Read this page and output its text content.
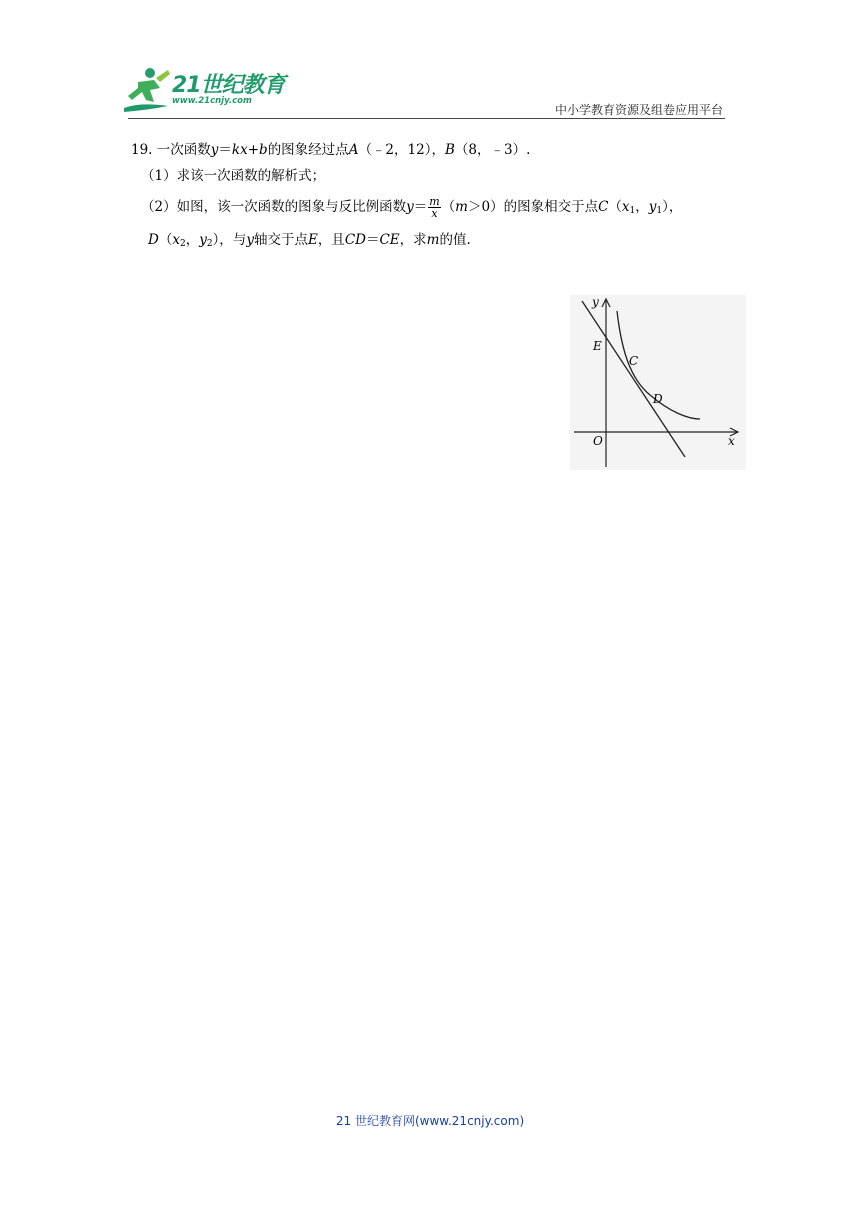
21世纪教育
www.21cnjy.com
中小学教育资源及组卷应用平台
19. 一次函数y＝kx+b的图象经过点A（﹣2，12），B（8，﹣3）.
（1）求该一次函数的解析式；
（2）如图，该一次函数的图象与反比例函数$y= \frac{m}{x} (m>0)$的图象相交于点$C(x_1$，$y_1$），
$D(x_2$，$y_2$），与y轴交于点E，且CD＝CE，求m的值.
y
x
O
E
C
D
21 世纪教育网(www.21cnjy.com)
